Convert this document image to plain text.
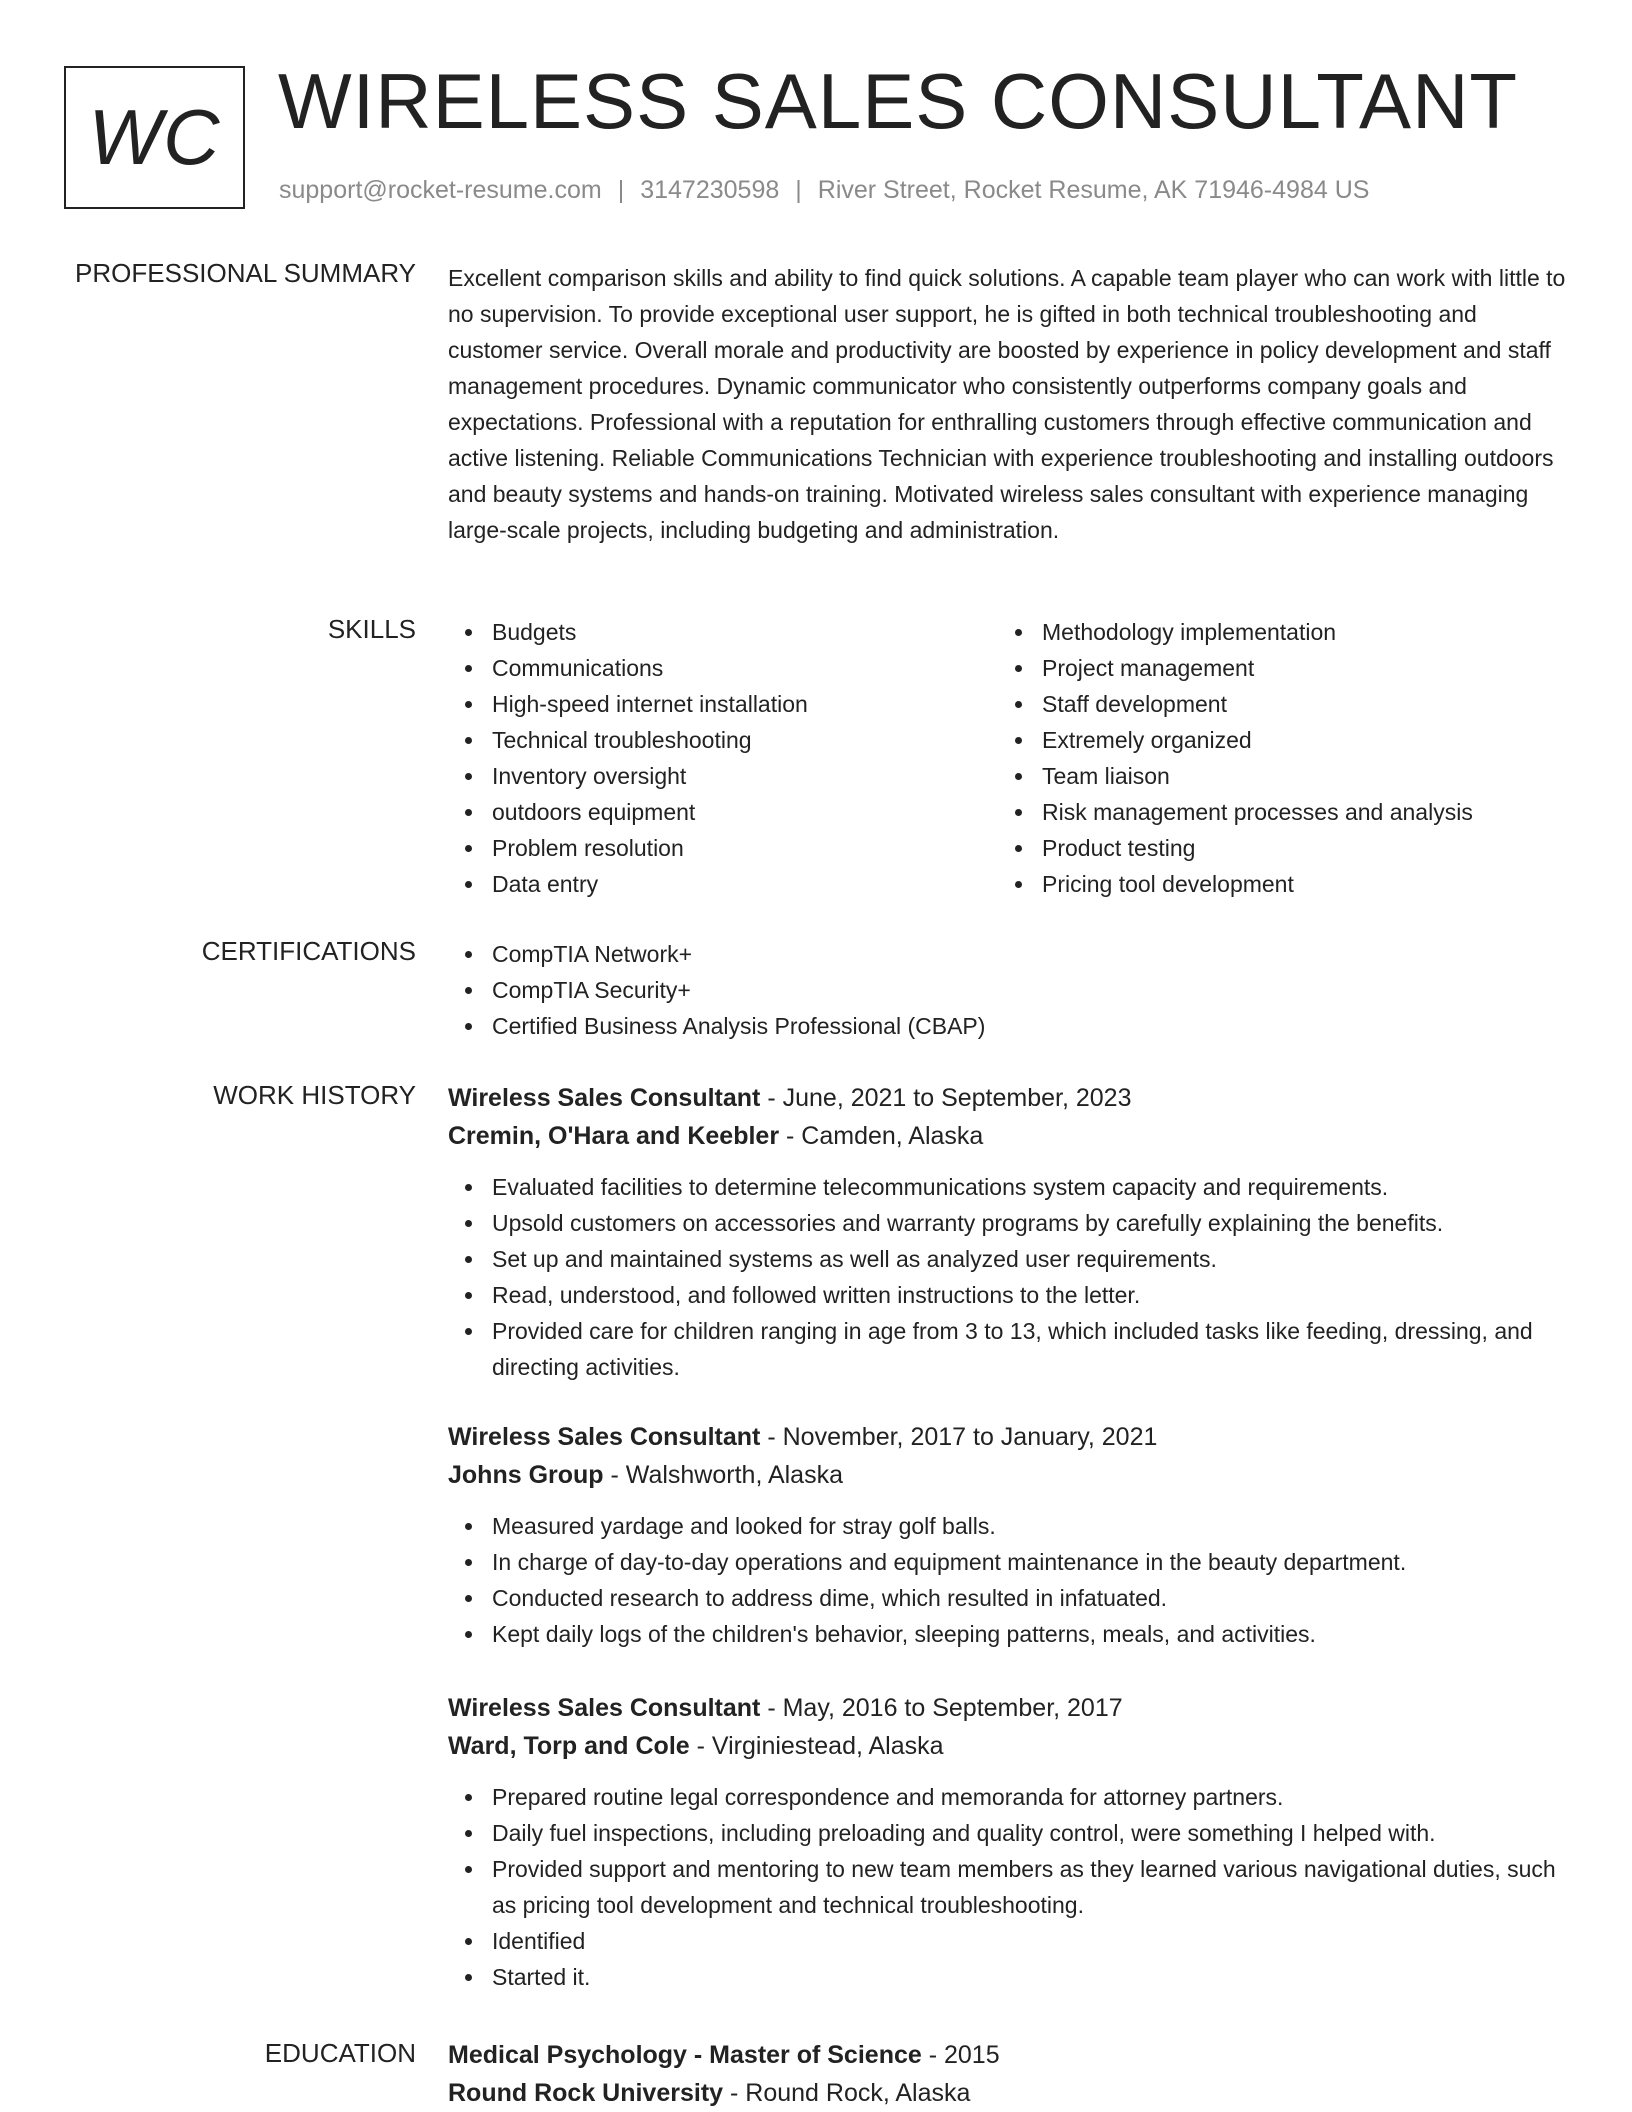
WC WIRELESS SALES CONSULTANT
support@rocket-resume.com | 3147230598 | River Street, Rocket Resume, AK 71946-4984 US
PROFESSIONAL SUMMARY Excellent comparison skills and ability to find quick solutions. A capable team player who can work with little to no supervision. To provide exceptional user support, he is gifted in both technical troubleshooting and customer service. Overall morale and productivity are boosted by experience in policy development and staff management procedures. Dynamic communicator who consistently outperforms company goals and expectations. Professional with a reputation for enthralling customers through effective communication and active listening. Reliable Communications Technician with experience troubleshooting and installing outdoors and beauty systems and hands-on training. Motivated wireless sales consultant with experience managing large-scale projects, including budgeting and administration.

SKILLS	Budgets
Communications
High-speed internet installation
Technical troubleshooting
Inventory oversight
outdoors equipment
Problem resolution
Data entry
Methodology implementation
Project management
Staff development
Extremely organized
Team liaison
Risk management processes and analysis
Product testing
Pricing tool development
CERTIFICATIONS	CompTIA Network+
CompTIA Security+
Certified Business Analysis Professional (CBAP)
WORK HISTORY Wireless Sales Consultant - June, 2021 to September, 2023
Cremin, O'Hara and Keebler - Camden, Alaska
Evaluated facilities to determine telecommunications system capacity and requirements.
Upsold customers on accessories and warranty programs by carefully explaining the benefits.
Set up and maintained systems as well as analyzed user requirements.
Read, understood, and followed written instructions to the letter.
Provided care for children ranging in age from 3 to 13, which included tasks like feeding, dressing, and directing activities.
Wireless Sales Consultant - November, 2017 to January, 2021
Johns Group - Walshworth, Alaska
Measured yardage and looked for stray golf balls.
In charge of day-to-day operations and equipment maintenance in the beauty department.
Conducted research to address dime, which resulted in infatuated.
Kept daily logs of the children's behavior, sleeping patterns, meals, and activities.
Wireless Sales Consultant - May, 2016 to September, 2017
Ward, Torp and Cole - Virginiestead, Alaska
Prepared routine legal correspondence and memoranda for attorney partners.
Daily fuel inspections, including preloading and quality control, were something I helped with.
Provided support and mentoring to new team members as they learned various navigational duties, such as pricing tool development and technical troubleshooting.
Identified
Started it.
EDUCATION Medical Psychology - Master of Science - 2015
Round Rock University - Round Rock, Alaska
